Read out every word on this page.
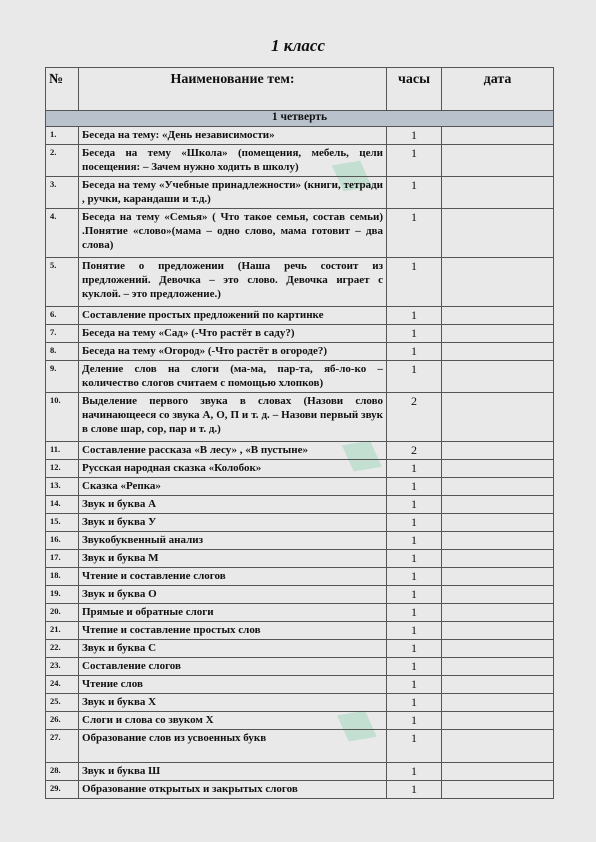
♦
♦
♦
1 класс
№	Наименование тем:	часы	дата
1 четверть			
1.	Беседа на тему: «День независимости»	1	
2.	Беседа на тему «Школа» (помещения, мебель, цели посещения: – Зачем нужно ходить в школу)	1	
3.	Беседа на тему «Учебные принадлежности» (книги, тетради , ручки, карандаши и т.д.)	1	
4.	Беседа на тему «Семья» ( Что такое семья, состав семьи) .Понятие «слово»(мама – одно слово, мама готовит – два слова)	1	
5.	Понятие о предложении (Наша речь состоит из предложений. Девочка – это слово. Девочка играет с куклой. – это предложение.)	1	
6.	Составление простых предложений по картинке	1	
7.	Беседа на тему «Сад» (-Что растёт в саду?)	1	
8.	Беседа на тему «Огород» (-Что растёт в огороде?)	1	
9.	Деление слов на слоги (ма-ма, пар-та, яб-ло-ко – количество слогов считаем с помощью хлопков)	1	
10.	Выделение первого звука в словах (Назови слово начинающееся со звука А, О, П и т. д. – Назови первый звук в слове шар, сор, пар и т. д.)	2	
11.	Составление рассказа «В лесу» , «В пустыне»	2	
12.	Русская народная сказка «Колобок»	1	
13.	Сказка «Репка»	1	
14.	Звук и буква А	1	
15.	Звук и буква У	1	
16.	Звукобуквенный анализ	1	
17.	Звук и буква М	1	
18.	Чтение и составление слогов	1	
19.	Звук и буква О	1	
20.	Прямые и обратные слоги	1	
21.	Чтепие и составление простых слов	1	
22.	Звук и буква С	1	
23.	Составление слогов	1	
24.	Чтение слов	1	
25.	Звук и буква Х	1	
26.	Слоги и слова со звуком Х	1	
27.	Образование слов из усвоенных букв	1	
28.	Звук и буква Ш	1	
29.	Образование открытых и закрытых слогов	1	
